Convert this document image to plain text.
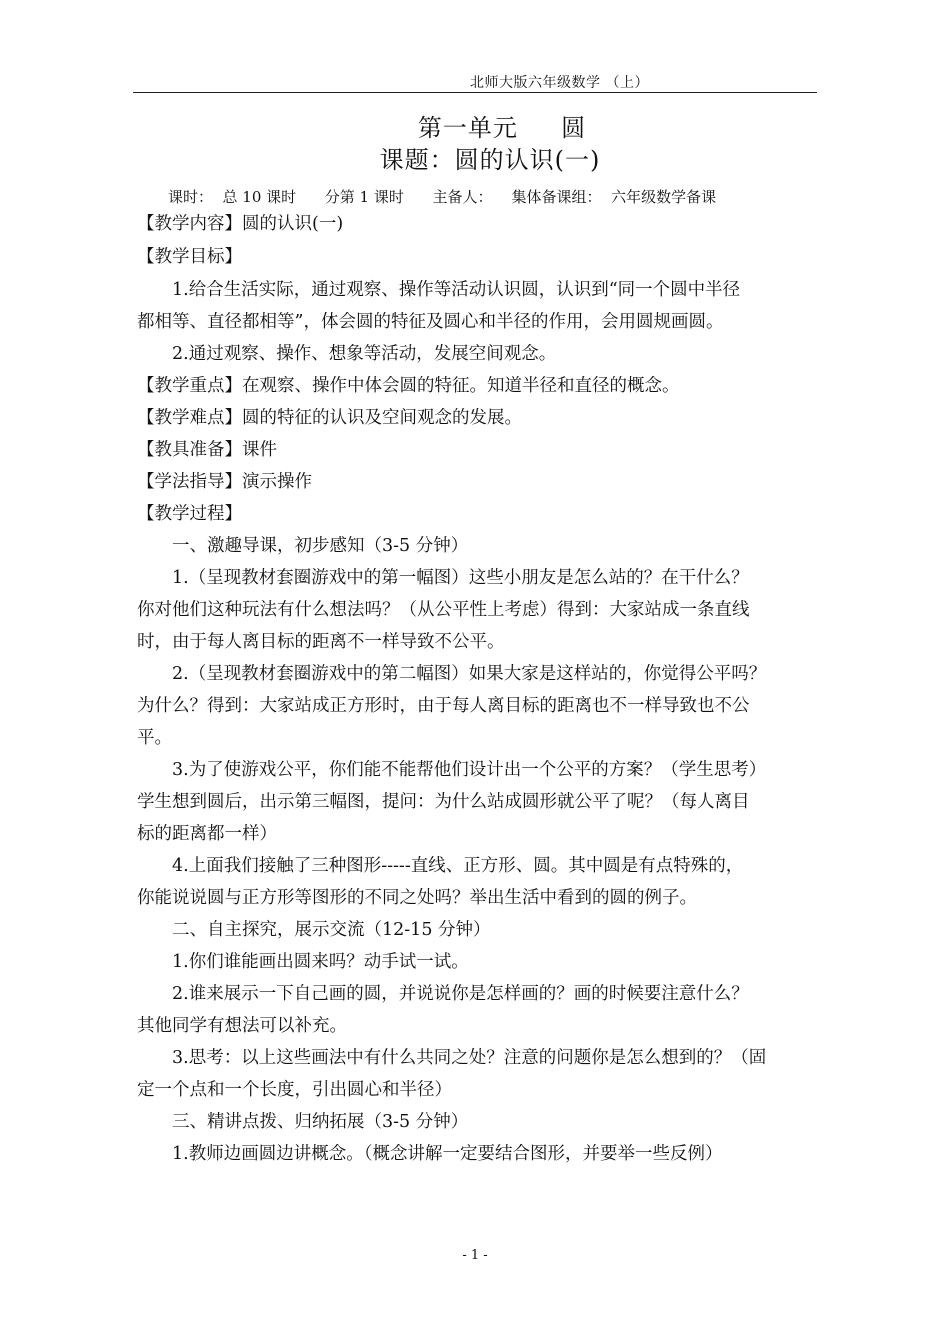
北师大版六年级数学 （上）
第一单元     圆
课题：圆的认识(一)
课时：  总 10 课时      分第 1 课时      主备人：    集体备课组：  六年级数学备课
【教学内容】圆的认识(一)
【教学目标】
1.给合生活实际，通过观察、操作等活动认识圆，认识到“同一个圆中半径
都相等、直径都相等”，体会圆的特征及圆心和半径的作用，会用圆规画圆。
2.通过观察、操作、想象等活动，发展空间观念。
【教学重点】在观察、操作中体会圆的特征。知道半径和直径的概念。
【教学难点】圆的特征的认识及空间观念的发展。
【教具准备】课件
【学法指导】演示操作
【教学过程】
一、激趣导课，初步感知（3-5 分钟）
1.（呈现教材套圈游戏中的第一幅图）这些小朋友是怎么站的？在干什么？
你对他们这种玩法有什么想法吗？（从公平性上考虑）得到：大家站成一条直线
时，由于每人离目标的距离不一样导致不公平。
2.（呈现教材套圈游戏中的第二幅图）如果大家是这样站的，你觉得公平吗？
为什么？得到：大家站成正方形时，由于每人离目标的距离也不一样导致也不公
平。
3.为了使游戏公平，你们能不能帮他们设计出一个公平的方案？（学生思考）
学生想到圆后，出示第三幅图，提问：为什么站成圆形就公平了呢？（每人离目
标的距离都一样）
4.上面我们接触了三种图形-----直线、正方形、圆。其中圆是有点特殊的，
你能说说圆与正方形等图形的不同之处吗？举出生活中看到的圆的例子。
二、自主探究，展示交流（12-15 分钟）
1.你们谁能画出圆来吗？动手试一试。
2.谁来展示一下自己画的圆，并说说你是怎样画的？画的时候要注意什么？
其他同学有想法可以补充。
3.思考：以上这些画法中有什么共同之处？注意的问题你是怎么想到的？（固
定一个点和一个长度，引出圆心和半径）
三、精讲点拨、归纳拓展（3-5 分钟）
1.教师边画圆边讲概念。（概念讲解一定要结合图形，并要举一些反例）
- 1 -
